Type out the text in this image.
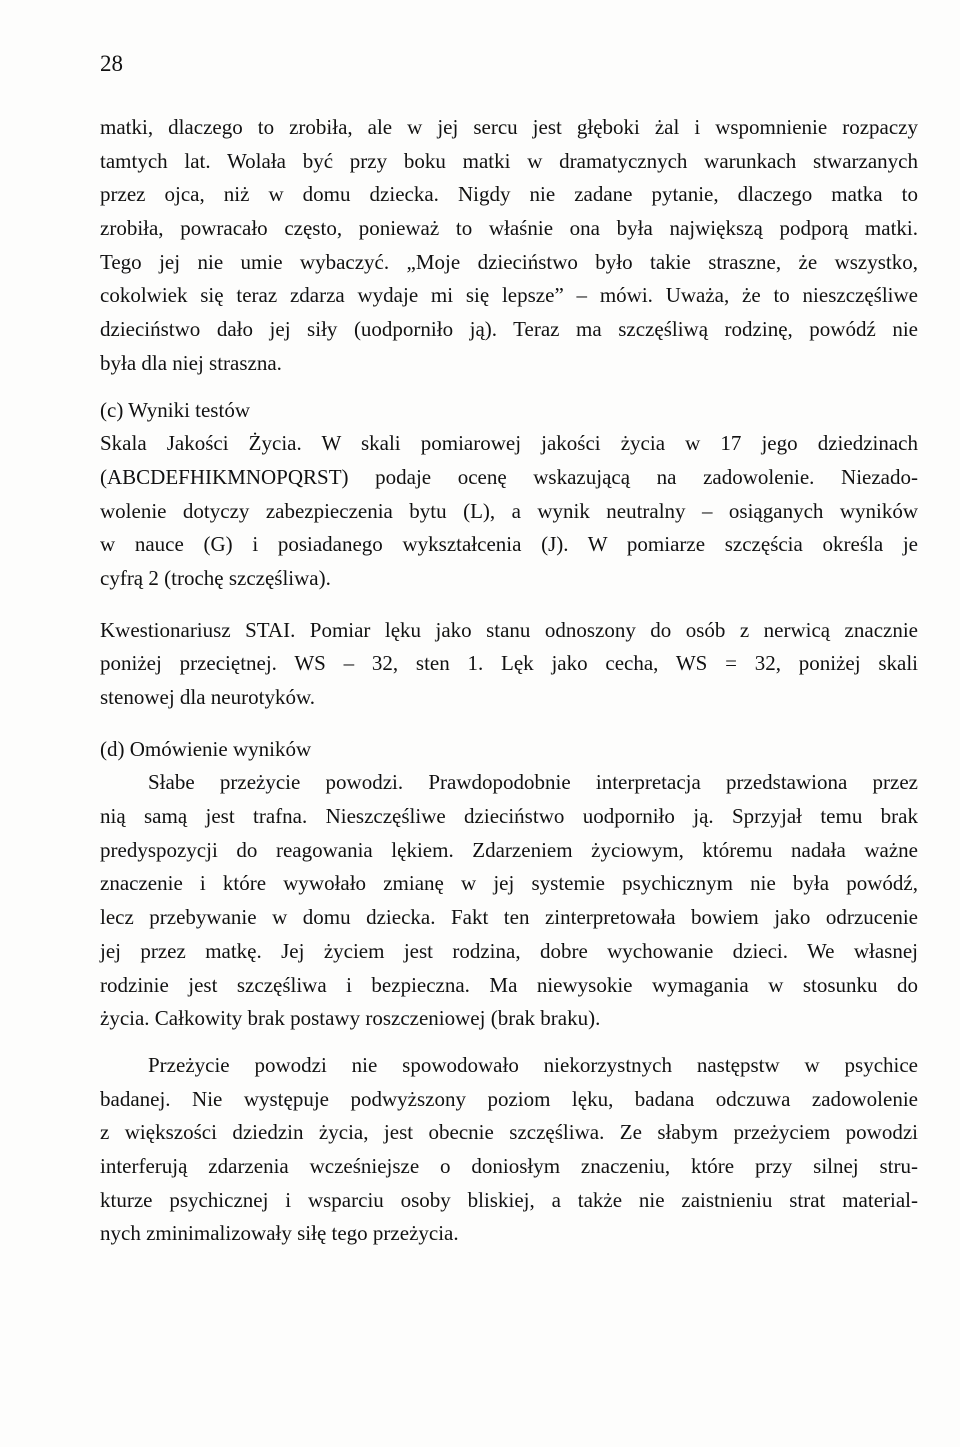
28
matki, dlaczego to zrobiła, ale w jej sercu jest głęboki żal i wspomnienie rozpaczy
tamtych lat. Wolała być przy boku matki w dramatycznych warunkach stwarzanych
przez ojca, niż w domu dziecka. Nigdy nie zadane pytanie, dlaczego matka to
zrobiła, powracało często, ponieważ to właśnie ona była największą podporą matki.
Tego jej nie umie wybaczyć. „Moje dzieciństwo było takie straszne, że wszystko,
cokolwiek się teraz zdarza wydaje mi się lepsze” – mówi. Uważa, że to nieszczęśliwe
dzieciństwo dało jej siły (uodporniło ją). Teraz ma szczęśliwą rodzinę, powódź nie
była dla niej straszna.
(c) Wyniki testów
Skala Jakości Życia. W skali pomiarowej jakości życia w 17 jego dziedzinach
(ABCDEFHIKMNOPQRST) podaje ocenę wskazującą na zadowolenie. Niezado-
wolenie dotyczy zabezpieczenia bytu (L), a wynik neutralny – osiąganych wyników
w nauce (G) i posiadanego wykształcenia (J). W pomiarze szczęścia określa je
cyfrą 2 (trochę szczęśliwa).
Kwestionariusz STAI. Pomiar lęku jako stanu odnoszony do osób z nerwicą znacznie
poniżej przeciętnej. WS – 32, sten 1. Lęk jako cecha, WS = 32, poniżej skali
stenowej dla neurotyków.
(d) Omówienie wyników
Słabe przeżycie powodzi. Prawdopodobnie interpretacja przedstawiona przez
nią samą jest trafna. Nieszczęśliwe dzieciństwo uodporniło ją. Sprzyjał temu brak
predyspozycji do reagowania lękiem. Zdarzeniem życiowym, któremu nadała ważne
znaczenie i które wywołało zmianę w jej systemie psychicznym nie była powódź,
lecz przebywanie w domu dziecka. Fakt ten zinterpretowała bowiem jako odrzucenie
jej przez matkę. Jej życiem jest rodzina, dobre wychowanie dzieci. We własnej
rodzinie jest szczęśliwa i bezpieczna. Ma niewysokie wymagania w stosunku do
życia. Całkowity brak postawy roszczeniowej (brak braku).
Przeżycie powodzi nie spowodowało niekorzystnych następstw w psychice
badanej. Nie występuje podwyższony poziom lęku, badana odczuwa zadowolenie
z większości dziedzin życia, jest obecnie szczęśliwa. Ze słabym przeżyciem powodzi
interferują zdarzenia wcześniejsze o doniosłym znaczeniu, które przy silnej stru-
kturze psychicznej i wsparciu osoby bliskiej, a także nie zaistnieniu strat material-
nych zminimalizowały siłę tego przeżycia.
